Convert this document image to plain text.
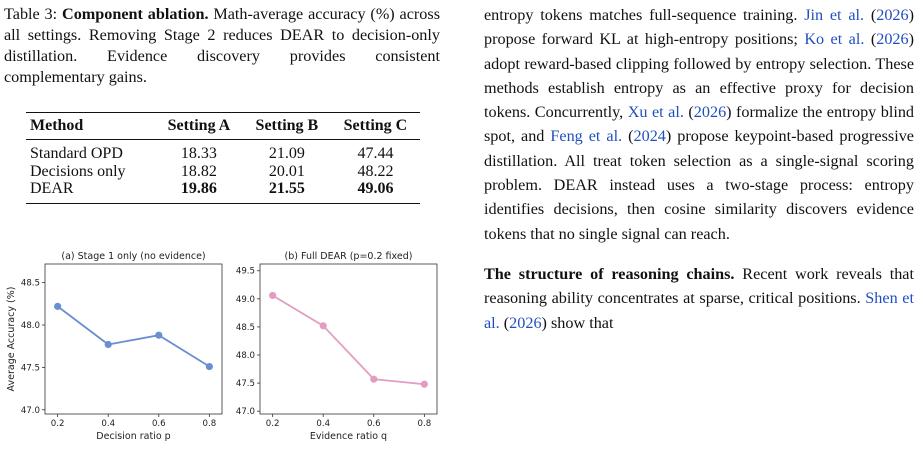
Table 3: Component ablation. Math-average accuracy (%) across all settings. Removing Stage 2 reduces DEAR to decision-only distillation. Evidence discovery provides consistent complementary gains.
Method	Setting A	Setting B	Setting C
Standard OPD	18.33	21.09	47.44
Decisions only	18.82	20.01	48.22
DEAR	19.86	21.55	49.06
(a) Stage 1 only (no evidence)
0.2	0.4	0.6	0.8
47.0
47.5
48.0
48.5
Decision ratio p
Average Accuracy (%)
(b) Full DEAR (p=0.2 fixed)
0.2	0.4	0.6	0.8
47.0
47.5
48.0
48.5
49.0
49.5
Evidence ratio q

entropy tokens matches full-sequence training. Jin et al. (2026) propose forward KL at high-entropy positions; Ko et al. (2026) adopt reward-based clipping followed by entropy selection. These methods establish entropy as an effective proxy for decision tokens. Concurrently, Xu et al. (2026) formalize the entropy blind spot, and Feng et al. (2024) propose keypoint-based progressive distillation. All treat token selection as a single-signal scoring problem. DEAR instead uses a two-stage process: entropy identifies decisions, then cosine similarity discovers evidence tokens that no single signal can reach.

The structure of reasoning chains. Recent work reveals that reasoning ability concentrates at sparse, critical positions. Shen et al. (2026) show that
